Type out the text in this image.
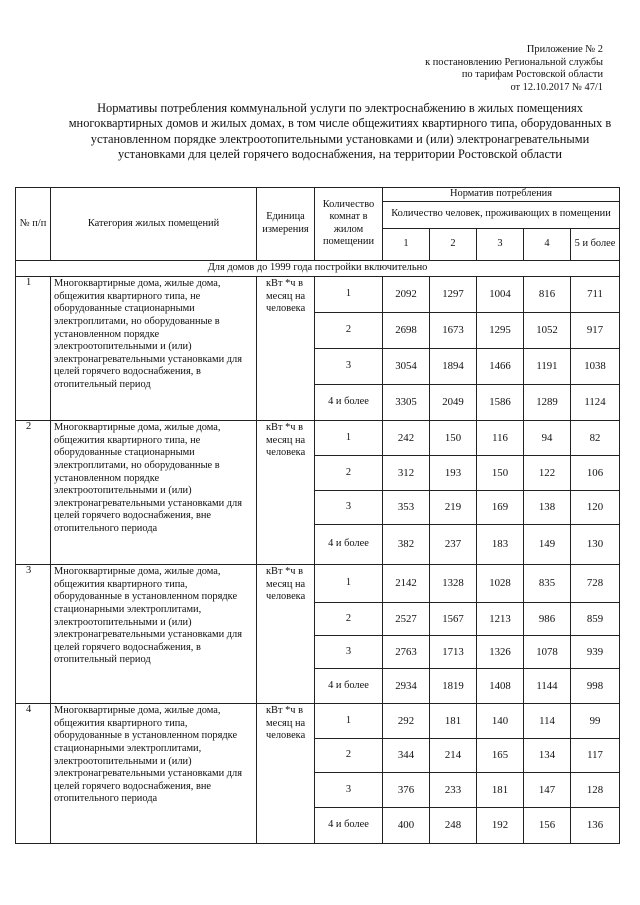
Приложение № 2
к постановлению Региональной службы
по тарифам Ростовской области
от 12.10.2017 № 47/1
Нормативы потребления коммунальной услуги по электроснабжению в жилых помещениях многоквартирных домов и жилых домах, в том числе общежитиях квартирного типа, оборудованных в установленном порядке электроотопительными установками и (или) электронагревательными установками для целей горячего водоснабжения, на территории Ростовской области
№ п/п	Категория жилых помещений	Единица измерения	Количество комнат в жилом помещении	Норматив потребления				
				Количество человек, проживающих в помещении				
				1	2	3	4	5 и более
Для домов до 1999 года постройки включительно								
1	Многоквартирные дома, жилые дома, общежития квартирного типа, не оборудованные стационарными электроплитами, но оборудованные в установленном порядке электроотопительными и (или) электронагревательными установками для целей горячего водоснабжения, в отопительный период	кВт *ч в месяц на человека	1	2092	1297	1004	816	711
			2	2698	1673	1295	1052	917
			3	3054	1894	1466	1191	1038
			4 и более	3305	2049	1586	1289	1124
2	Многоквартирные дома, жилые дома, общежития квартирного типа, не оборудованные стационарными электроплитами, но оборудованные в установленном порядке электроотопительными и (или) электронагревательными установками для целей горячего водоснабжения, вне отопительного периода	кВт *ч в месяц на человека	1	242	150	116	94	82
			2	312	193	150	122	106
			3	353	219	169	138	120
			4 и более	382	237	183	149	130
3	Многоквартирные дома, жилые дома, общежития квартирного типа, оборудованные в установленном порядке стационарными электроплитами, электроотопительными и (или) электронагревательными установками для целей горячего водоснабжения, в отопительный период	кВт *ч в месяц на человека	1	2142	1328	1028	835	728
			2	2527	1567	1213	986	859
			3	2763	1713	1326	1078	939
			4 и более	2934	1819	1408	1144	998
4	Многоквартирные дома, жилые дома, общежития квартирного типа, оборудованные в установленном порядке стационарными электроплитами, электроотопительными и (или) электронагревательными установками для целей горячего водоснабжения, вне отопительного периода	кВт *ч в месяц на человека	1	292	181	140	114	99
			2	344	214	165	134	117
			3	376	233	181	147	128
			4 и более	400	248	192	156	136
